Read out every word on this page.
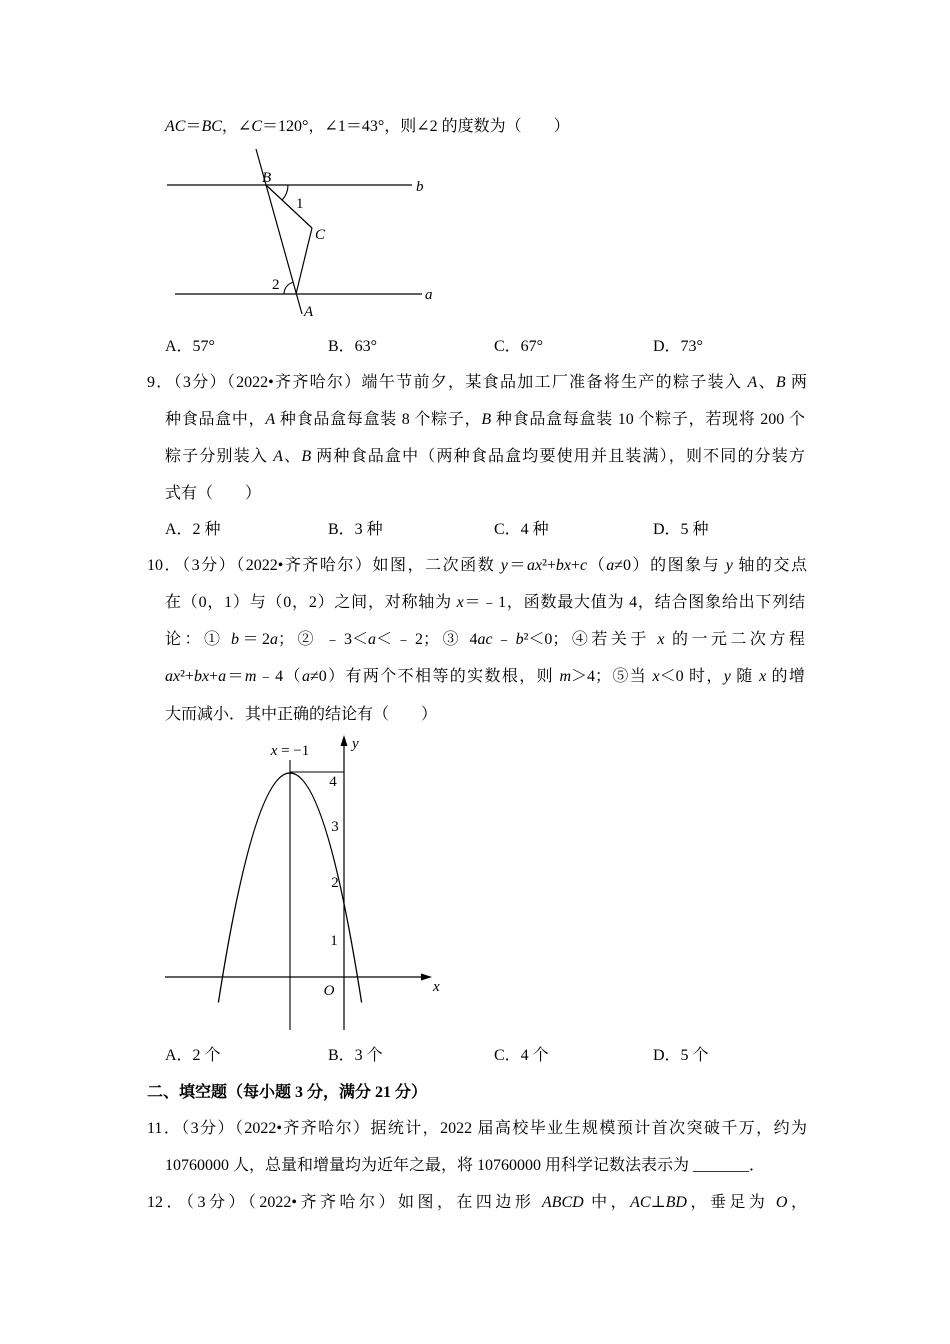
AC＝BC，∠C＝120°，∠1＝43°，则∠2 的度数为（　　）
B
1
C
2
A
b
a
A．57°	B．63°	C．67°	D．73°
9．（3分）（2022•齐齐哈尔）端午节前夕，某食品加工厂准备将生产的粽子装入 A、B 两
种食品盒中，A 种食品盒每盒装 8 个粽子，B 种食品盒每盒装 10 个粽子，若现将 200 个
粽子分别装入 A、B 两种食品盒中（两种食品盒均要使用并且装满），则不同的分装方
式有（　　）
A．2 种	B．3 种	C．4 种	D．5 种
10．（3分）（2022•齐齐哈尔）如图，二次函数 y＝ax²+bx+c（a≠0）的图象与 y 轴的交点
在（0，1）与（0，2）之间，对称轴为 x＝﹣1，函数最大值为 4，结合图象给出下列结
论：① b＝2a；② ﹣3＜a＜﹣2；③ 4ac﹣b²＜0；④若关于 x 的一元二次方程
ax²+bx+a＝m﹣4（a≠0）有两个不相等的实数根，则 m＞4；⑤当 x＜0 时，y 随 x 的增
大而减小．其中正确的结论有（　　）
x = −1	y
x
4
3
2
1
O
A．2 个	B．3 个	C．4 个	D．5 个
二、填空题（每小题 3 分，满分 21 分）
11．（3分）（2022•齐齐哈尔）据统计，2022 届高校毕业生规模预计首次突破千万，约为
10760000 人，总量和增量均为近年之最，将 10760000 用科学记数法表示为 _______．
12．（3分）（2022•齐齐哈尔）如图，在四边形 ABCD 中，AC⊥BD，垂足为 O，
